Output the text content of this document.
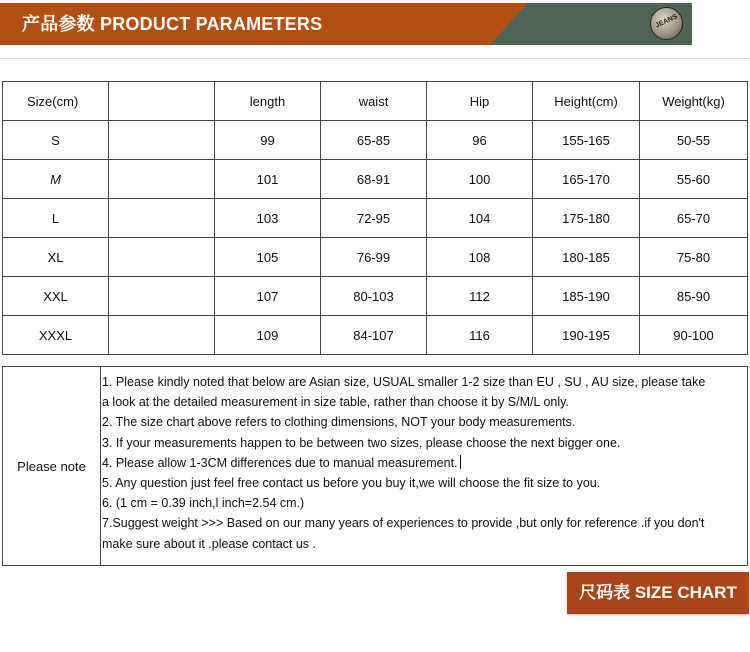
产品参数 PRODUCT PARAMETERS	JEANS
Size(cm)		length	waist	Hip	Height(cm)	Weight(kg)
S		99	65-85	96	155-165	50-55
M		101	68-91	100	165-170	55-60
L		103	72-95	104	175-180	65-70
XL		105	76-99	108	180-185	75-80
XXL		107	80-103	112	185-190	85-90
XXXL		109	84-107	116	190-195	90-100
Please note	

1. Please kindly noted that below are Asian size, USUAL smaller 1-2 size than EU , SU , AU size, please take

a look at the detailed measurement in size table, rather than choose it by S/M/L only.

2. The size chart above refers to clothing dimensions, NOT your body measurements.

3. If your measurements happen to be between two sizes, please choose the next bigger one.

4. Please allow 1-3CM differences due to manual measurement.

5. Any question just feel free contact us before you buy it,we will choose the fit size to you.

6. (1 cm = 0.39 inch,l inch=2.54 cm.)

7.Suggest weight >>> Based on our many years of experiences to provide ,but only for reference .if you don't

make sure about it .please contact us .

尺码表 SIZE CHART
